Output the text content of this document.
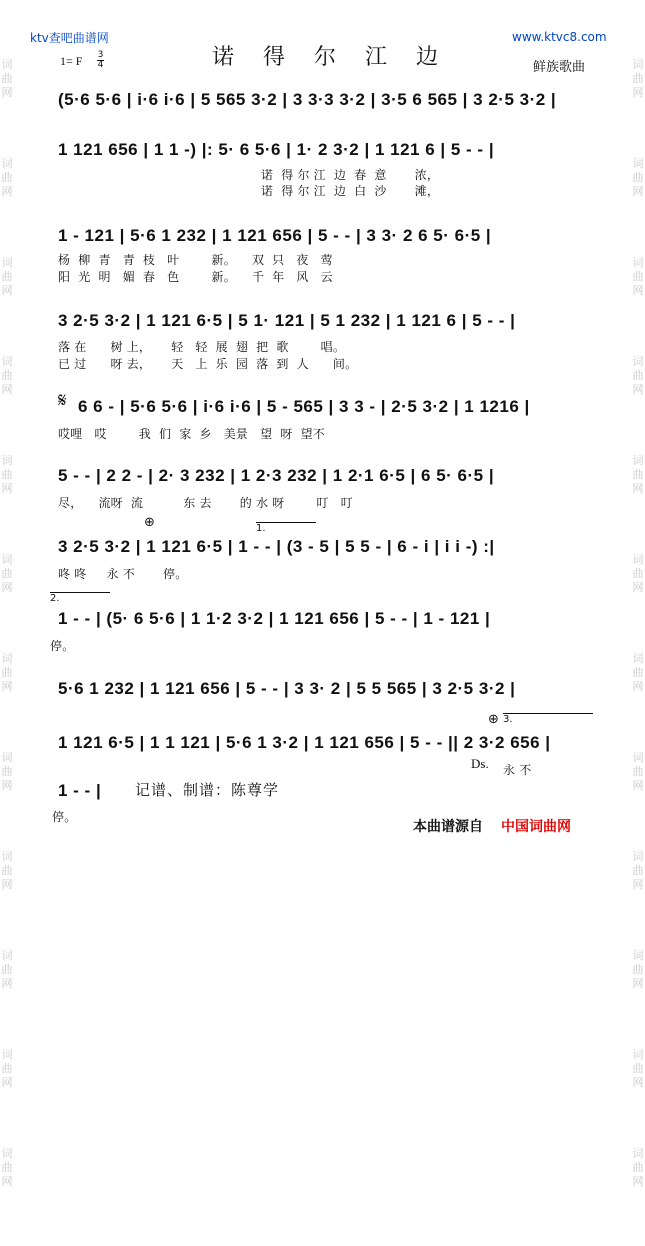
词曲网
词曲网
词曲网
词曲网
词曲网
词曲网
词曲网
词曲网
词曲网
词曲网
词曲网
词曲网
词曲网
词曲网
词曲网
词曲网
词曲网
词曲网
词曲网
词曲网
词曲网
词曲网
词曲网
词曲网
ktv查吧曲谱网	www.ktvc8.com
诺 得 尔 江 边
1= F 3
4	鲜族歌曲
(5·6 5·6 | i·6 i·6 | 5 565 3·2 | 3 3·3 3·2 | 3·5 6 565 | 3 2·5 3·2 |
1 121 656 | 1 1 -) |: 5· 6 5·6 | 1· 2 3·2 | 1 121 6 | 5 - - |
诺  得 尔 江  边  春  意       浓，
诺  得 尔 江  边  白  沙       滩，
1 - 121 | 5·6 1 232 | 1 121 656 | 5 - - | 3 3· 2 6 5· 6·5 |
杨  柳  青   青  枝   叶        新。    双  只   夜   莺
阳  光  明   媚  春   色        新。    千  年   风   云
3 2·5 3·2 | 1 121 6·5 | 5 1· 121 | 5 1 232 | 1 121 6 | 5 - - |
落 在      树 上，     轻   轻  展  翅  把  歌        唱。
已 过      呀 去，     天   上  乐  园  落  到  人      间。
𝄋 6 6 - | 5·6 5·6 | i·6 i·6 | 5 - 565 | 3 3 - | 2·5 3·2 | 1 1216 |
哎哩   哎        我  们  家  乡   美景   望  呀  望不
5 - - | 2 2 - | 2· 3 232 | 1 2·3 232 | 1 2·1 6·5 | 6 5· 6·5 |
尽，    流呀  流          东 去       的 水 呀        叮   叮
⊕	1.
3 2·5 3·2 | 1 121 6·5 | 1 - - | (3 - 5 | 5 5 - | 6 - i | i i -) :|
咚 咚     永 不       停。
2.
1 - - | (5· 6 5·6 | 1 1·2 3·2 | 1 121 656 | 5 - - | 1 - 121 |
停。
5·6 1 232 | 1 121 656 | 5 - - | 3 3· 2 | 5 5 565 | 3 2·5 3·2 |
⊕ 3.
1 121 6·5 | 1 1 121 | 5·6 1 3·2 | 1 121 656 | 5 - - || 2 3·2 656 |
Ds. 永 不
1 - - | 记谱、制谱：陈尊学
停。
本曲谱源自 中国词曲网
